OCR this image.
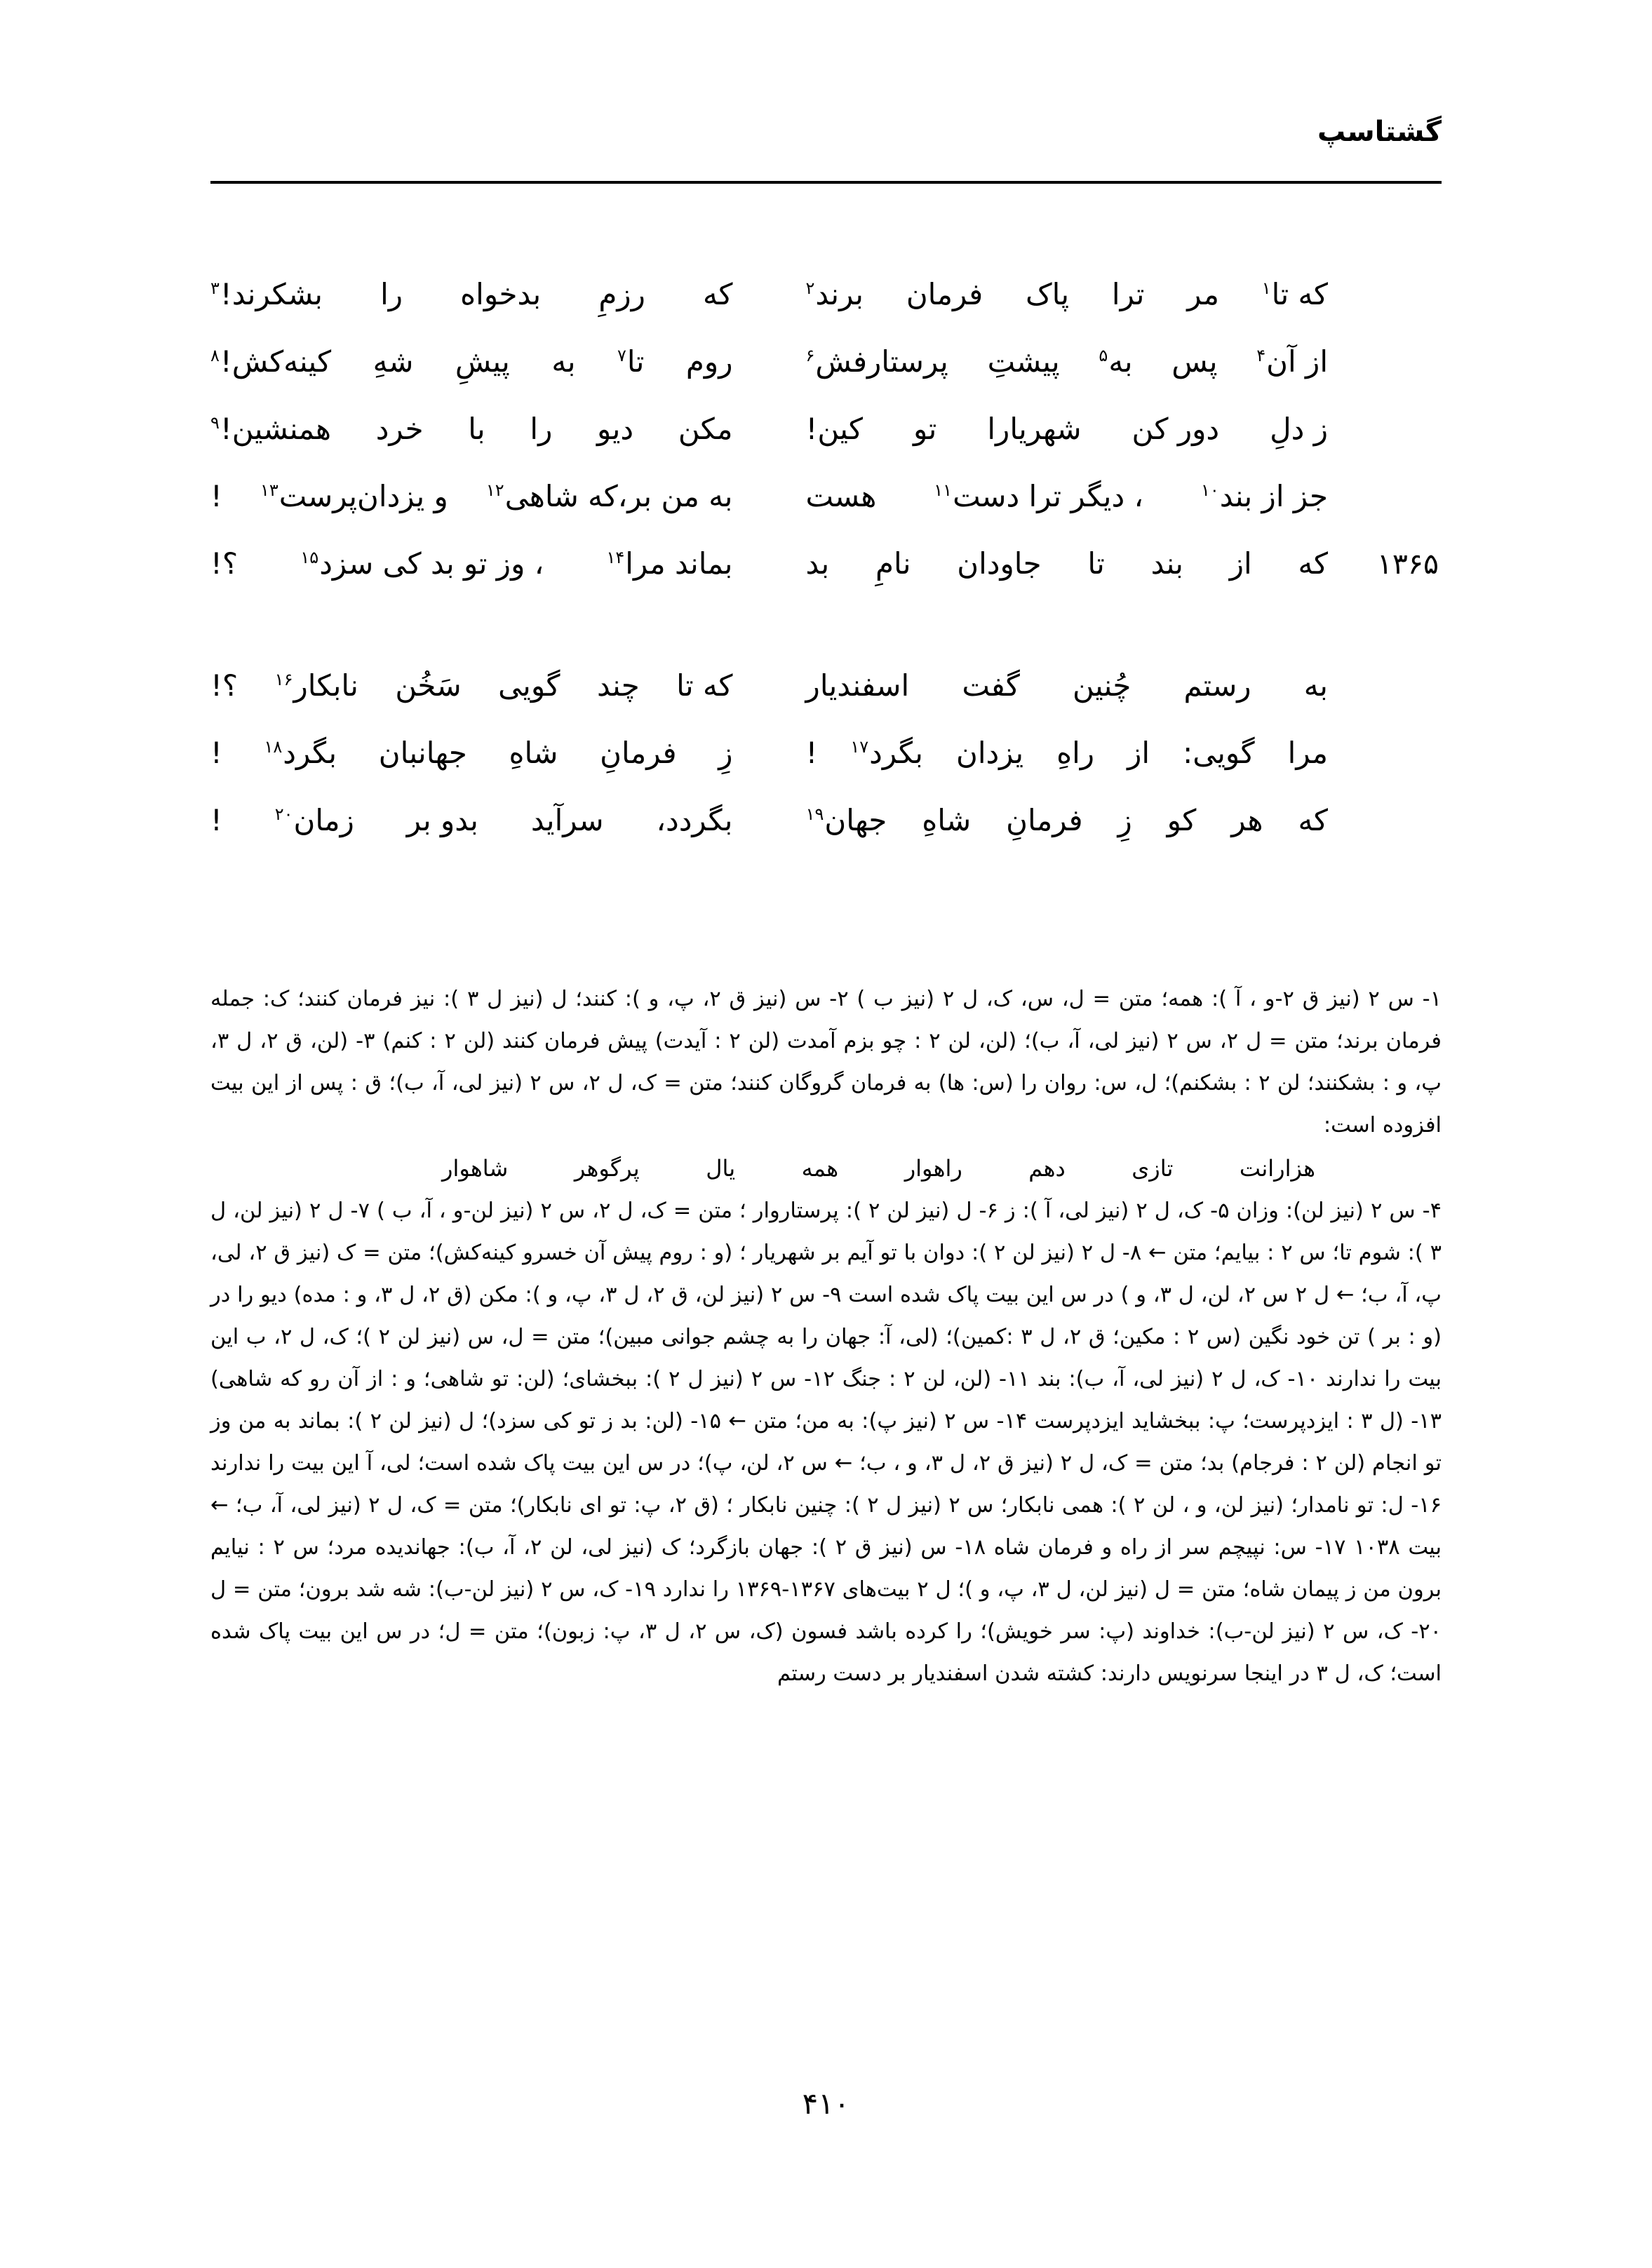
گشتاسپ
که تا$^۱$
مر
ترا
پاک
فرمان
برند$^۲$
که
رزمِ
بدخواه
را
بشکرند!$^۳$
از آن$^۴$
پس
به$^۵$
پیشتِ
پرستارفش$^۶$
روم
تا$^۷$
به
پیشِ
شهِ
کینه‌کش!$^۸$
ز دلِ
دور کن
شهریارا
تو
کین!
مکن
دیو
را
با
خرد
همنشین!$^۹$
جز از بند$^{۱۰}$
، دیگر ترا دست$^{۱۱}$
هست
به من بر،که شاهی$^{۱۲}$
و یزدان‌پرست$^{۱۳}$
!
۱۳۶۵
که
از
بند
تا
جاودان
نامِ
بد
بماند مرا$^{۱۴}$
، وز تو بد کی سزد$^{۱۵}$
؟!
به
رستم
چُنین
گفت
اسفندیار
که تا
چند
گویی
سَخُن
نابکار$^{۱۶}$
؟!
مرا
گویی:
از
راهِ
یزدان
بگرد$^{۱۷}$
!
زِ
فرمانِ
شاهِ
جهانبان
بگرد$^{۱۸}$
!
که
هر
کو
زِ
فرمانِ
شاهِ
جهان$^{۱۹}$
بگردد،
سرآید
بدو بر
زمان$^{۲۰}$
!

۱- س ۲ (نیز ق ۲-و ، آ ): همه؛ متن = ل، س، ک، ل ۲ (نیز ب ) ۲- س (نیز ق ۲، پ، و ): کنند؛ ل (نیز ل ۳ ): نیز فرمان کنند؛ ک: جمله فرمان برند؛ متن = ل ۲، س ۲ (نیز لی، آ، ب)؛ (لن، لن ۲ : چو بزم آمدت (لن ۲ : آیدت) پیش فرمان کنند (لن ۲ : کنم) ۳- (لن، ق ۲، ل ۳، پ، و : بشکنند؛ لن ۲ : بشکنم)؛ ل، س: روان را (س: ها) به فرمان گروگان کنند؛ متن = ک، ل ۲، س ۲ (نیز لی، آ، ب)؛ ق : پس از این بیت افزوده است:

هزارانت
تازی
دهم
راهوار
همه
یال
پرگوهر
شاهوار

۴- س ۲ (نیز لن): وزان ۵- ک، ل ۲ (نیز لی، آ ): ز ۶- ل (نیز لن ۲ ): پرستاروار ؛ متن = ک، ل ۲، س ۲ (نیز لن-و ، آ، ب ) ۷- ل ۲ (نیز لن، ل ۳ ): شوم تا؛ س ۲ : بیایم؛ متن ← ۸- ل ۲ (نیز لن ۲ ): دوان با تو آیم بر شهریار ؛ (و : روم پیش آن خسرو کینه‌کش)؛ متن = ک (نیز ق ۲، لی، پ، آ، ب؛ ← ل ۲ س ۲، لن، ل ۳، و ) در س این بیت پاک شده است ۹- س ۲ (نیز لن، ق ۲، ل ۳، پ، و ): مکن (ق ۲، ل ۳، و : مده) دیو را در (و : بر ) تن خود نگین (س ۲ : مکین؛ ق ۲، ل ۳ :کمین)؛ (لی، آ: جهان را به چشم جوانی مبین)؛ متن = ل، س (نیز لن ۲ )؛ ک، ل ۲، ب این بیت را ندارند ۱۰- ک، ل ۲ (نیز لی، آ، ب): بند ۱۱- (لن، لن ۲ : جنگ ۱۲- س ۲ (نیز ل ۲ ): ببخشای؛ (لن: تو شاهی؛ و : از آن رو که شاهی) ۱۳- (ل ۳ : ایزدپرست؛ پ: ببخشاید ایزدپرست ۱۴- س ۲ (نیز پ): به من؛ متن ← ۱۵- (لن: بد ز تو کی سزد)؛ ل (نیز لن ۲ ): بماند به من وز تو انجام (لن ۲ : فرجام) بد؛ متن = ک، ل ۲ (نیز ق ۲، ل ۳، و ، ب؛ ← س ۲، لن، پ)؛ در س این بیت پاک شده است؛ لی، آ این بیت را ندارند ۱۶- ل: تو نامدار؛ (نیز لن، و ، لن ۲ ): همی نابکار؛ س ۲ (نیز ل ۲ ): چنین نابکار ؛ (ق ۲، پ: تو ای نابکار)؛ متن = ک، ل ۲ (نیز لی، آ، ب؛ ← بیت ۱۰۳۸ ۱۷- س: نپیچم سر از راه و فرمان شاه ۱۸- س (نیز ق ۲ ): جهان بازگرد؛ ک (نیز لی، لن ۲، آ، ب): جهاندیده مرد؛ س ۲ : نیایم برون من ز پیمان شاه؛ متن = ل (نیز لن، ل ۳، پ، و )؛ ل ۲ بیت‌های ۱۳۶۷-۱۳۶۹ را ندارد ۱۹- ک، س ۲ (نیز لن-ب): شه شد برون؛ متن = ل ۲۰- ک، س ۲ (نیز لن-ب): خداوند (پ: سر خویش)؛ را کرده باشد فسون (ک، س ۲، ل ۳، پ: زبون)؛ متن = ل؛ در س این بیت پاک شده است؛ ک، ل ۳ در اینجا سرنویس دارند: کشته شدن اسفندیار بر دست رستم

۴۱۰
